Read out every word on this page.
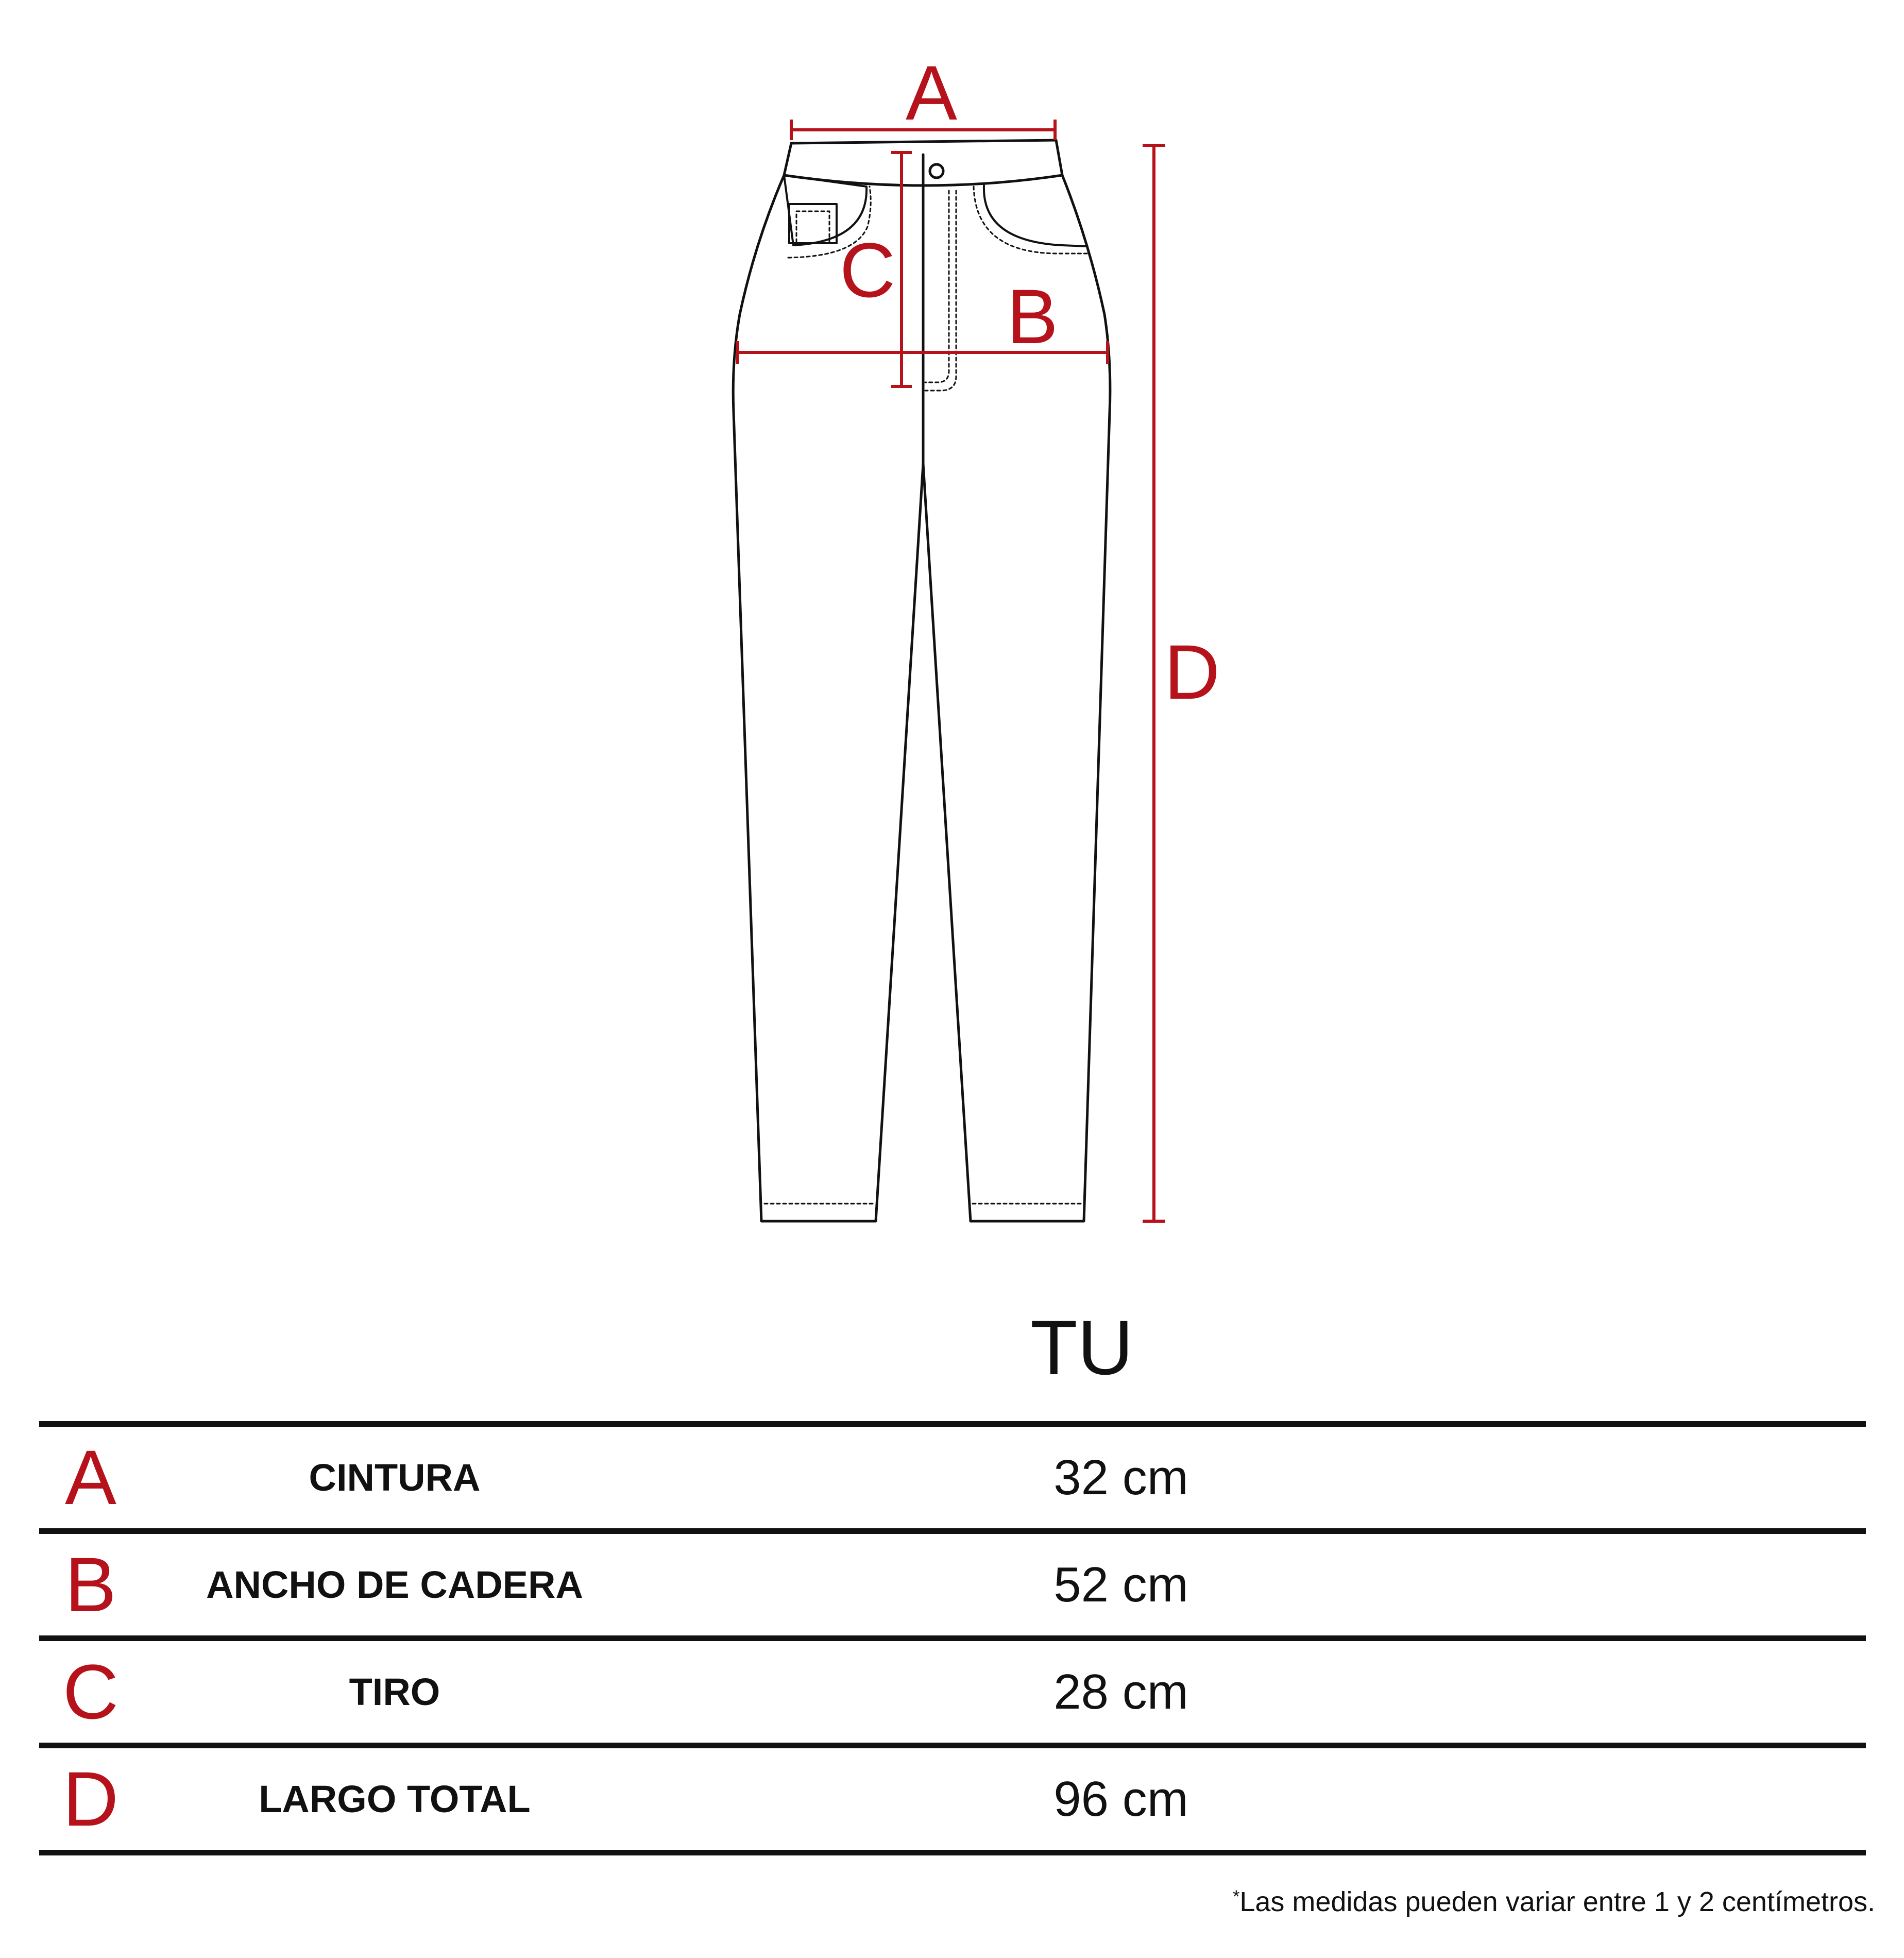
A
B
C
D
TU
A	CINTURA	32 cm
B	ANCHO DE CADERA	52 cm
C	TIRO	28 cm
D	LARGO TOTAL	96 cm
*Las medidas pueden variar entre 1 y 2 centímetros.
